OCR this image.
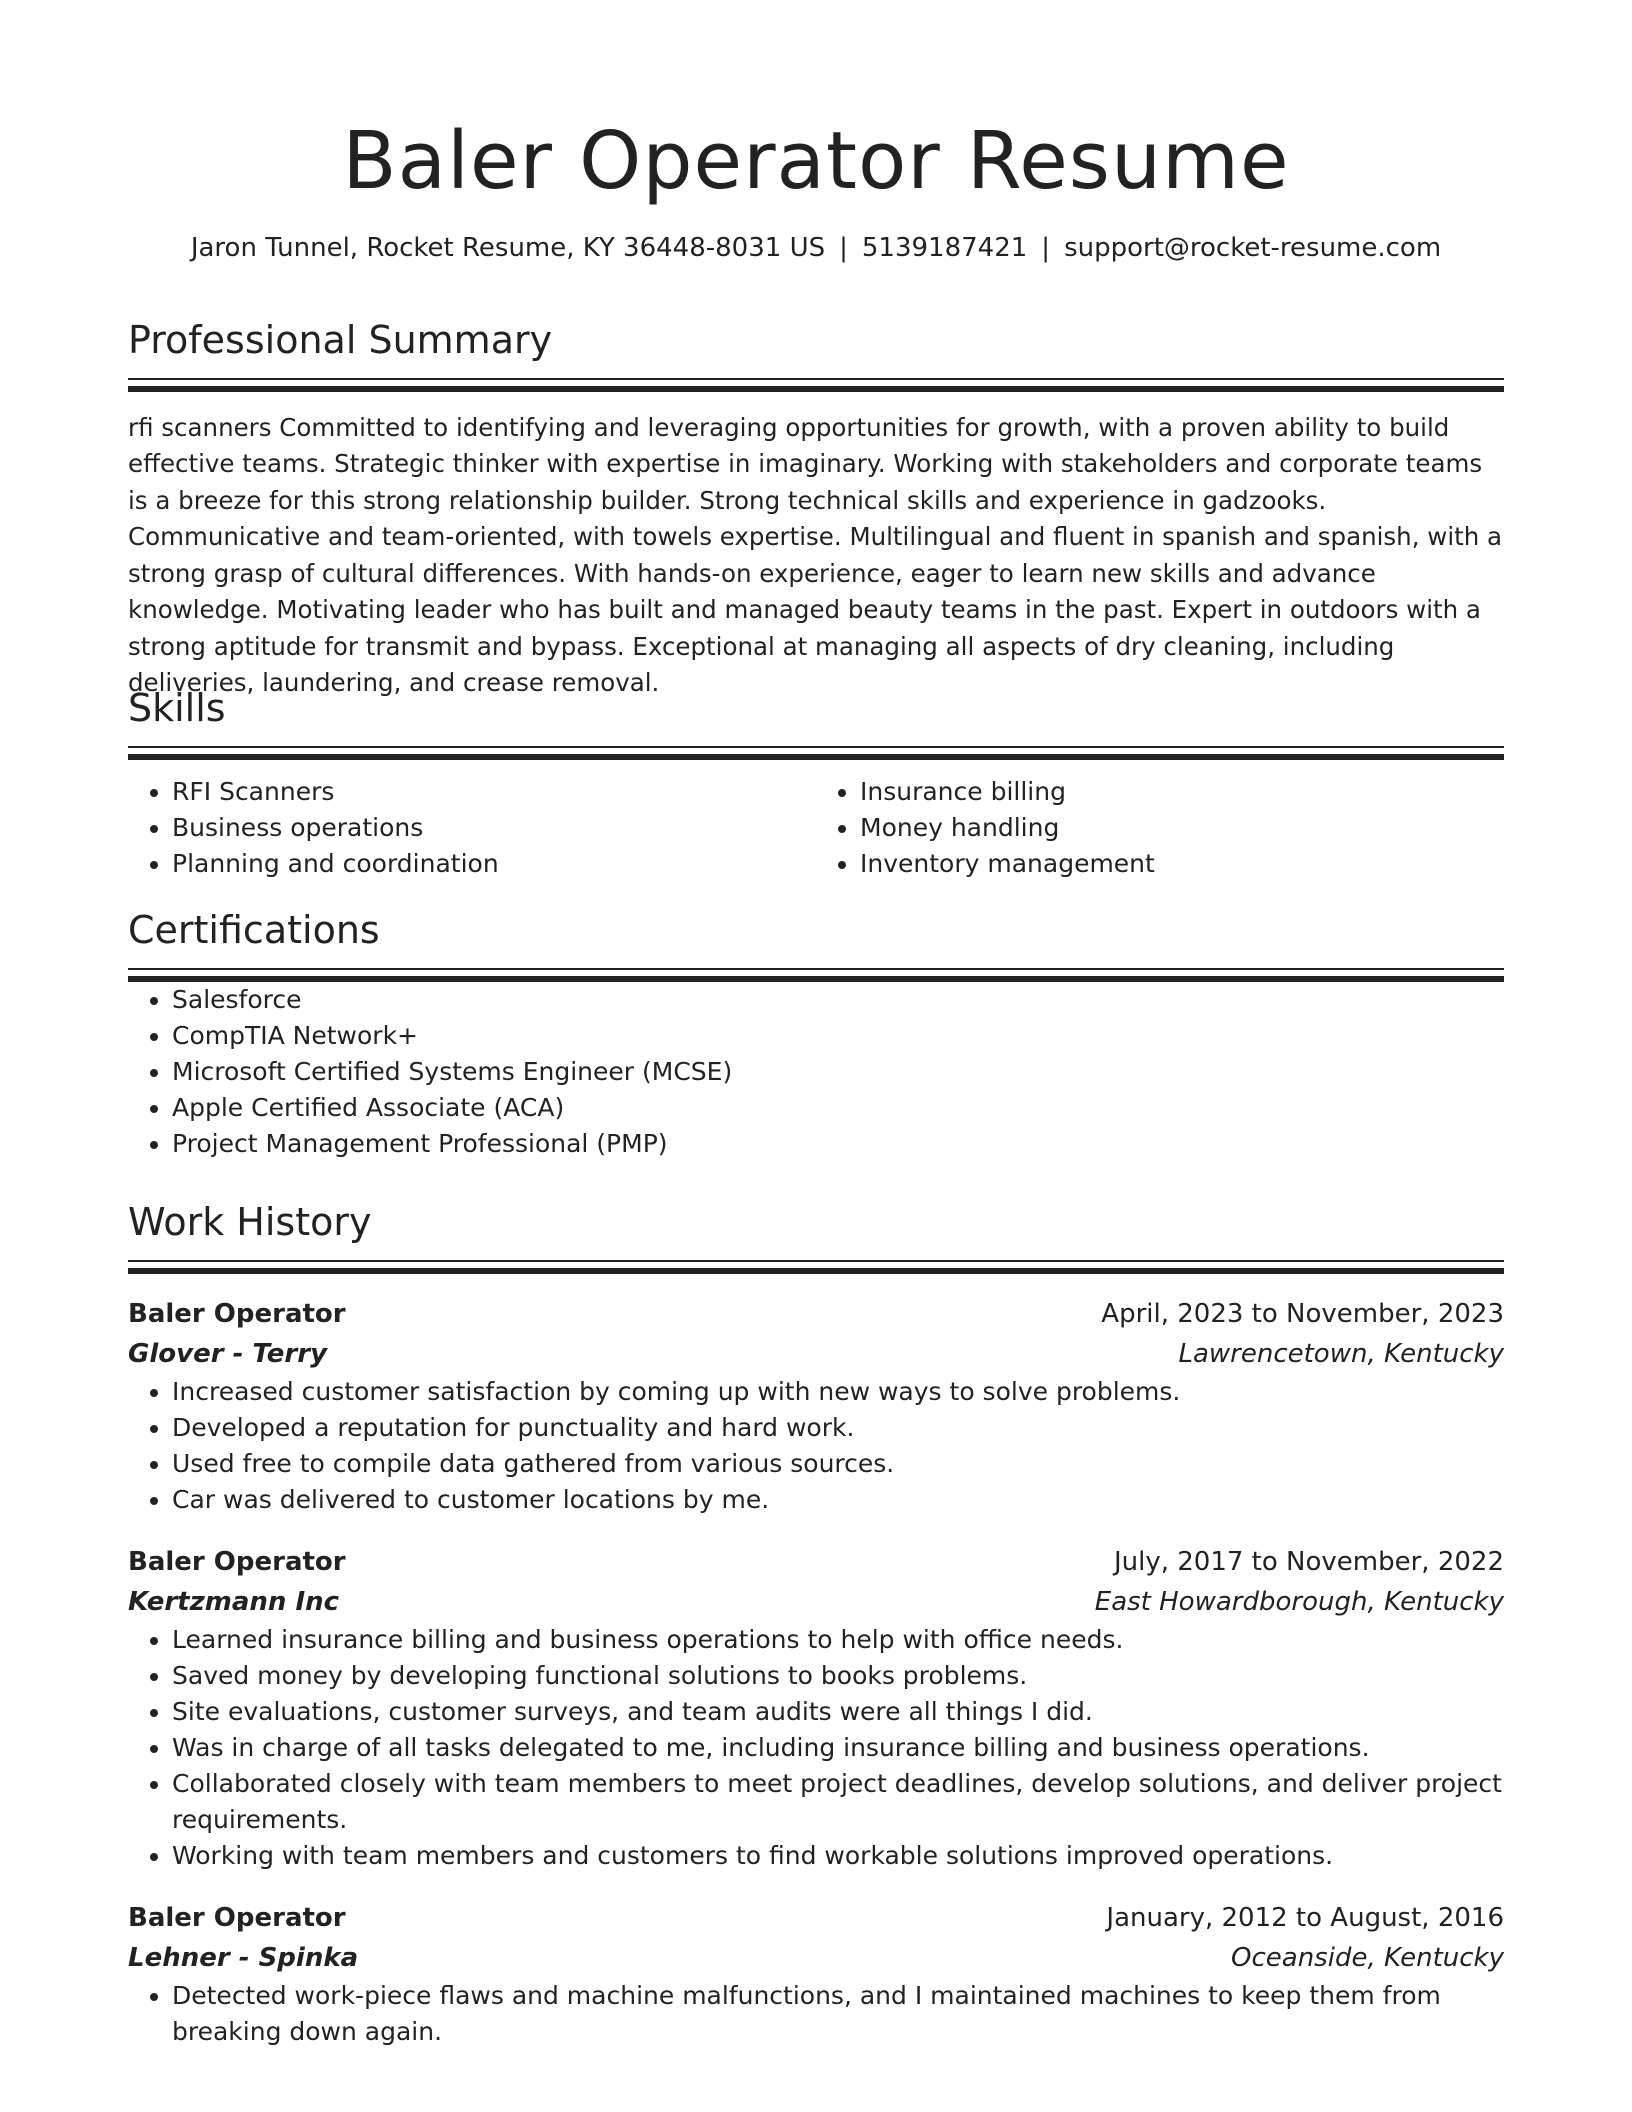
Baler Operator Resume
Jaron Tunnel, Rocket Resume, KY 36448-8031 US | 5139187421 | support@rocket-resume.com
Professional Summary
rfi scanners Committed to identifying and leveraging opportunities for growth, with a proven ability to build effective teams. Strategic thinker with expertise in imaginary. Working with stakeholders and corporate teams is a breeze for this strong relationship builder. Strong technical skills and experience in gadzooks. Communicative and team-oriented, with towels expertise. Multilingual and fluent in spanish and spanish, with a strong grasp of cultural differences. With hands-on experience, eager to learn new skills and advance knowledge. Motivating leader who has built and managed beauty teams in the past. Expert in outdoors with a strong aptitude for transmit and bypass. Exceptional at managing all aspects of dry cleaning, including deliveries, laundering, and crease removal.
Skills
• RFI Scanners
• Business operations
• Planning and coordination
• Insurance billing
• Money handling
• Inventory management
Certifications
• Salesforce
• CompTIA Network+
• Microsoft Certified Systems Engineer (MCSE)
• Apple Certified Associate (ACA)
• Project Management Professional (PMP)
Work History
Baler Operator	April, 2023 to November, 2023
Glover - Terry	Lawrencetown, Kentucky
• Increased customer satisfaction by coming up with new ways to solve problems.
• Developed a reputation for punctuality and hard work.
• Used free to compile data gathered from various sources.
• Car was delivered to customer locations by me.
Baler Operator	July, 2017 to November, 2022
Kertzmann Inc	East Howardborough, Kentucky
• Learned insurance billing and business operations to help with office needs.
• Saved money by developing functional solutions to books problems.
• Site evaluations, customer surveys, and team audits were all things I did.
• Was in charge of all tasks delegated to me, including insurance billing and business operations.
• Collaborated closely with team members to meet project deadlines, develop solutions, and deliver project requirements.
• Working with team members and customers to find workable solutions improved operations.
Baler Operator	January, 2012 to August, 2016
Lehner - Spinka	Oceanside, Kentucky
• Detected work-piece flaws and machine malfunctions, and I maintained machines to keep them from breaking down again.
